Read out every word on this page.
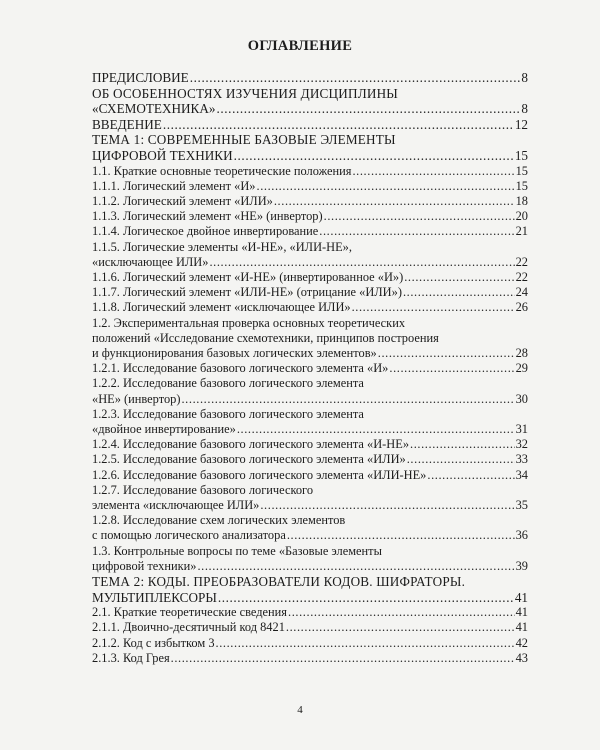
ОГЛАВЛЕНИЕ
ПРЕДИСЛОВИЕ .....	8
ОБ ОСОБЕННОСТЯХ ИЗУЧЕНИЯ ДИСЦИПЛИНЫ
«СХЕМОТЕХНИКА» .....	8
ВВЕДЕНИЕ .....	12
ТЕМА 1: СОВРЕМЕННЫЕ БАЗОВЫЕ ЭЛЕМЕНТЫ
ЦИФРОВОЙ ТЕХНИКИ .....	15
1.1. Краткие основные теоретические положения .....	15
1.1.1. Логический элемент «И» .....	15
1.1.2. Логический элемент «ИЛИ» .....	18
1.1.3. Логический элемент «НЕ» (инвертор) .....	20
1.1.4. Логическое двойное инвертирование .....	21
1.1.5. Логические элементы «И-НЕ», «ИЛИ-НЕ»,
«исключающее ИЛИ» .....	22
1.1.6. Логический элемент «И-НЕ» (инвертированное «И») .....	22
1.1.7. Логический элемент «ИЛИ-НЕ» (отрицание «ИЛИ») .....	24
1.1.8. Логический элемент «исключающее ИЛИ» .....	26
1.2. Экспериментальная проверка основных теоретических
положений «Исследование схемотехники, принципов построения
и функционирования базовых логических элементов» .....	28
1.2.1. Исследование базового логического элемента «И» .....	29
1.2.2. Исследование базового логического элемента
«НЕ» (инвертор) .....	30
1.2.3. Исследование базового логического элемента
«двойное инвертирование» .....	31
1.2.4. Исследование базового логического элемента «И-НЕ» .....	32
1.2.5. Исследование базового логического элемента «ИЛИ» .....	33
1.2.6. Исследование базового логического элемента «ИЛИ-НЕ» .....	34
1.2.7. Исследование базового логического
элемента «исключающее ИЛИ» .....	35
1.2.8. Исследование схем логических элементов
с помощью логического анализатора .....	36
1.3. Контрольные вопросы по теме «Базовые элементы
цифровой техники» .....	39
ТЕМА 2: КОДЫ. ПРЕОБРАЗОВАТЕЛИ КОДОВ. ШИФРАТОРЫ.
МУЛЬТИПЛЕКСОРЫ .....	41
2.1. Краткие теоретические сведения .....	41
2.1.1. Двоично-десятичный код 8421 .....	41
2.1.2. Код с избытком 3 .....	42
2.1.3. Код Грея .....	43
4
